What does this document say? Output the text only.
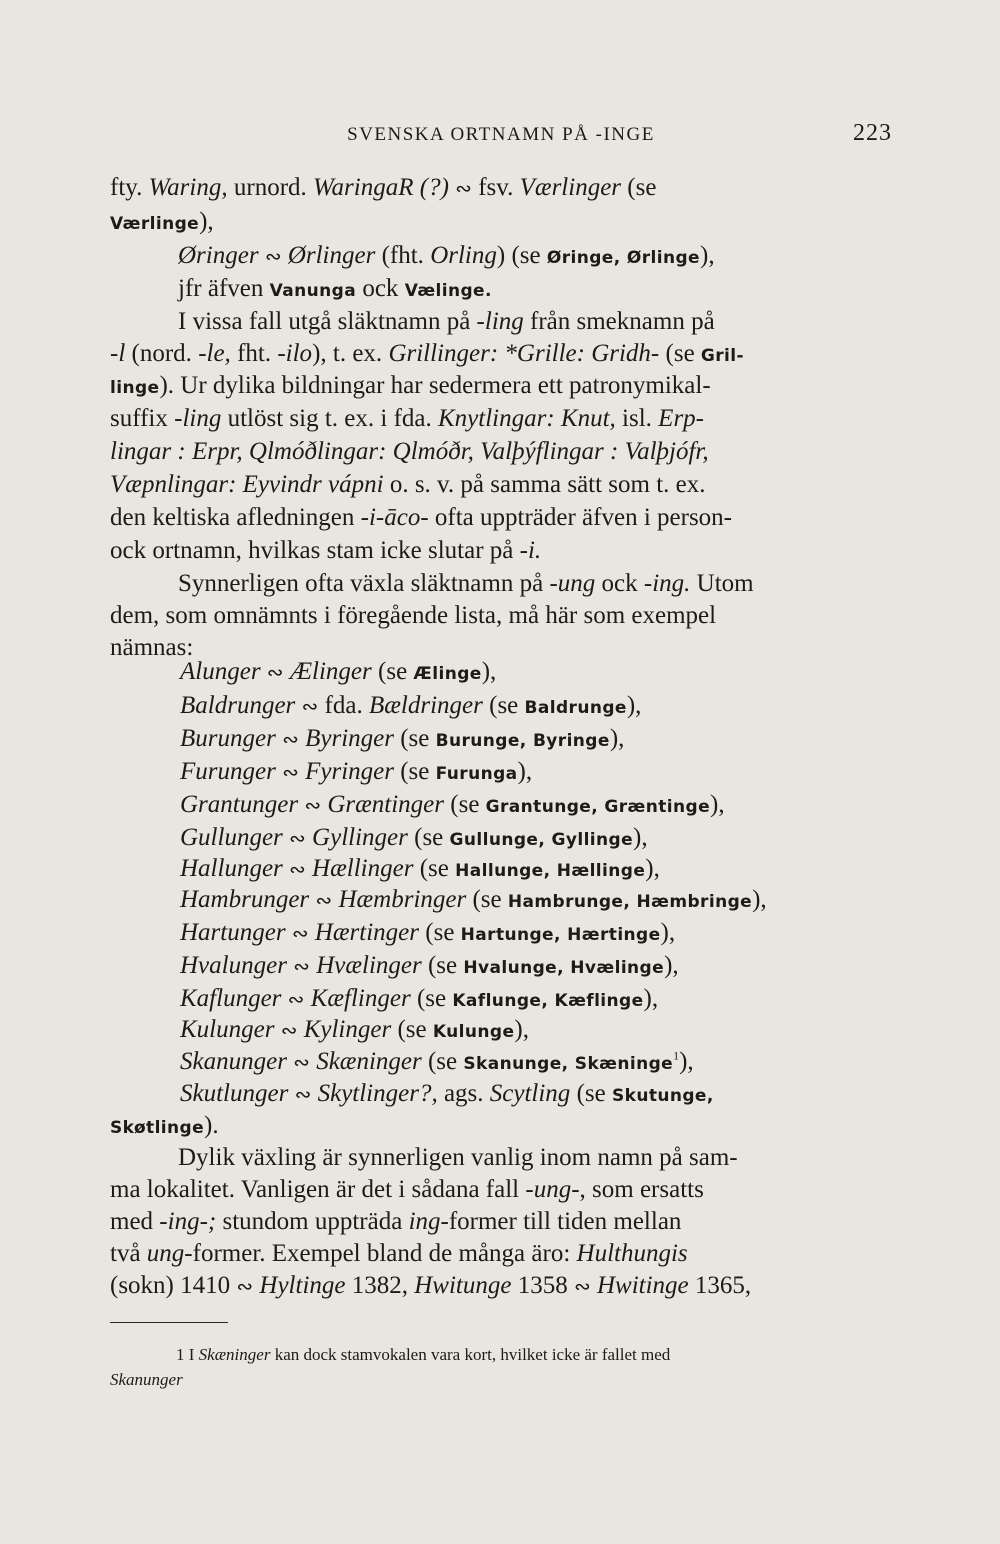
SVENSKA ORTNAMN PÅ -INGE	223
fty. Waring, urnord. WaringaR (?) ∾ fsv. Værlinger (se
Værlinge),
Øringer ∾ Ørlinger (fht. Orling) (se Øringe, Ørlinge),
jfr äfven Vanunga ock Vælinge.
I vissa fall utgå släktnamn på -ling från smeknamn på
-l (nord. -le, fht. -ilo), t. ex. Grillinger: *Grille: Gridh- (se Gril-
linge). Ur dylika bildningar har sedermera ett patronymikal-
suffix -ling utlöst sig t. ex. i fda. Knytlingar: Knut, isl. Erp-
lingar : Erpr, Qlmóðlingar: Qlmóðr, Valþýflingar : Valþjófr,
Væpnlingar: Eyvindr vápni o. s. v. på samma sätt som t. ex.
den keltiska afledningen -i-āco- ofta uppträder äfven i person-
ock ortnamn, hvilkas stam icke slutar på -i.
Synnerligen ofta växla släktnamn på -ung ock -ing. Utom
dem, som omnämnts i föregående lista, må här som exempel
nämnas:
Alunger ∾ Ælinger (se Ælinge),
Baldrunger ∾ fda. Bældringer (se Baldrunge),
Burunger ∾ Byringer (se Burunge, Byringe),
Furunger ∾ Fyringer (se Furunga),
Grantunger ∾ Græntinger (se Grantunge, Græntinge),
Gullunger ∾ Gyllinger (se Gullunge, Gyllinge),
Hallunger ∾ Hællinger (se Hallunge, Hællinge),
Hambrunger ∾ Hæmbringer (se Hambrunge, Hæmbringe),
Hartunger ∾ Hærtinger (se Hartunge, Hærtinge),
Hvalunger ∾ Hvælinger (se Hvalunge, Hvælinge),
Kaflunger ∾ Kæflinger (se Kaflunge, Kæflinge),
Kulunger ∾ Kylinger (se Kulunge),
Skanunger ∾ Skæninger (se Skanunge, Skæninge$^1$),
Skutlunger ∾ Skytlinger?, ags. Scytling (se Skutunge,
Skøtlinge).
Dylik växling är synnerligen vanlig inom namn på sam-
ma lokalitet. Vanligen är det i sådana fall -ung-, som ersatts
med -ing-; stundom uppträda ing-former till tiden mellan
två ung-former. Exempel bland de många äro: Hulthungis
(sokn) 1410 ∾ Hyltinge 1382, Hwitunge 1358 ∾ Hwitinge 1365,
1 I Skæninger kan dock stamvokalen vara kort, hvilket icke är fallet med
Skanunger
